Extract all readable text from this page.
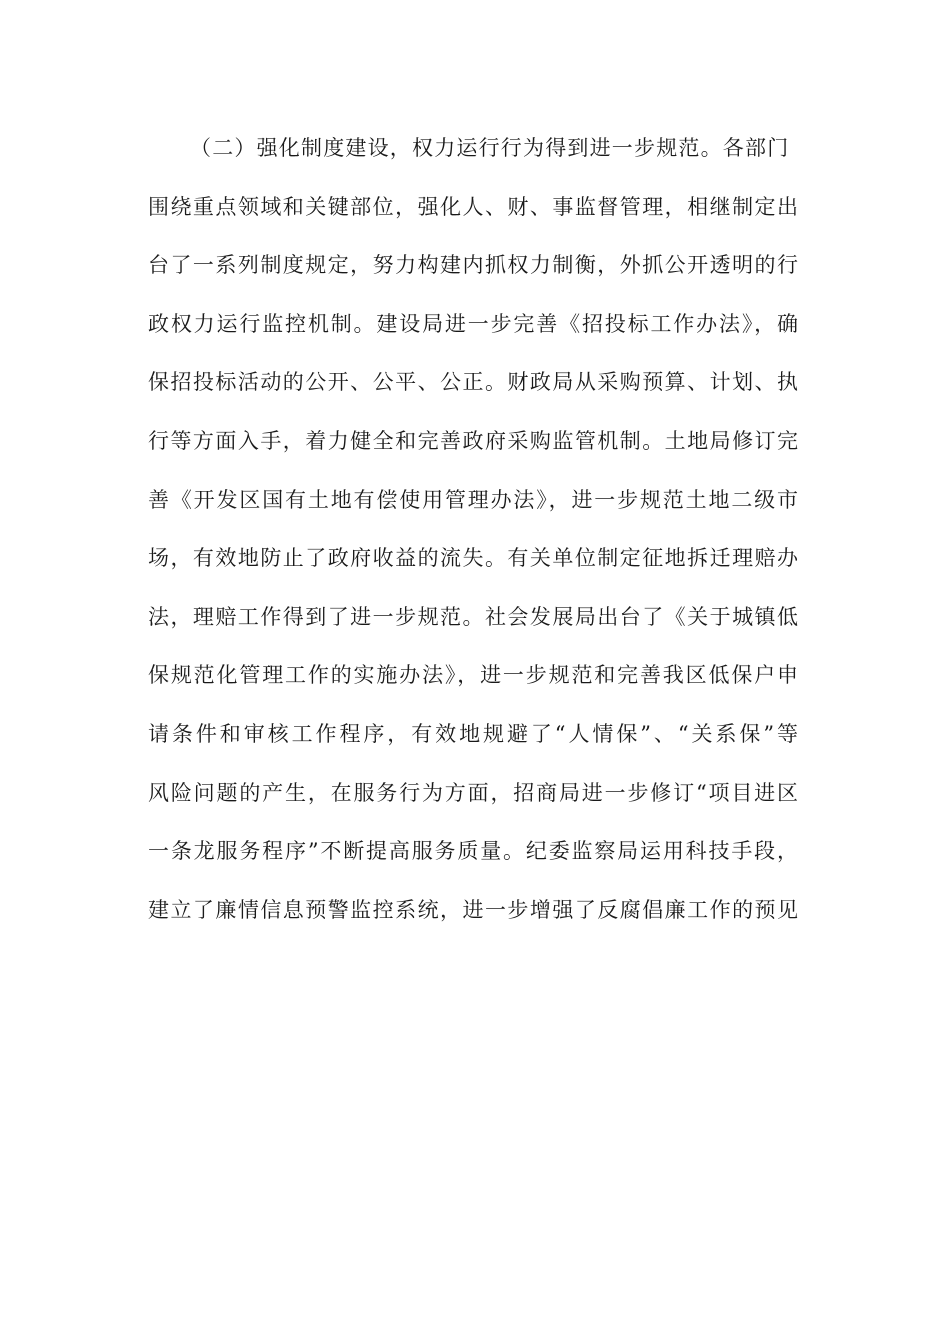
（二）强化制度建设，权力运行行为得到进一步规范。各部门
围绕重点领域和关键部位，强化人、财、事监督管理，相继制定出
台了一系列制度规定，努力构建内抓权力制衡，外抓公开透明的行
政权力运行监控机制。建设局进一步完善《招投标工作办法》，确
保招投标活动的公开、公平、公正。财政局从采购预算、计划、执
行等方面入手，着力健全和完善政府采购监管机制。土地局修订完
善《开发区国有土地有偿使用管理办法》，进一步规范土地二级市
场，有效地防止了政府收益的流失。有关单位制定征地拆迁理赔办
法，理赔工作得到了进一步规范。社会发展局出台了《关于城镇低
保规范化管理工作的实施办法》，进一步规范和完善我区低保户申
请条件和审核工作程序，有效地规避了“人情保”、“关系保”等
风险问题的产生，在服务行为方面，招商局进一步修订“项目进区
一条龙服务程序”不断提高服务质量。纪委监察局运用科技手段，
建立了廉情信息预警监控系统，进一步增强了反腐倡廉工作的预见
